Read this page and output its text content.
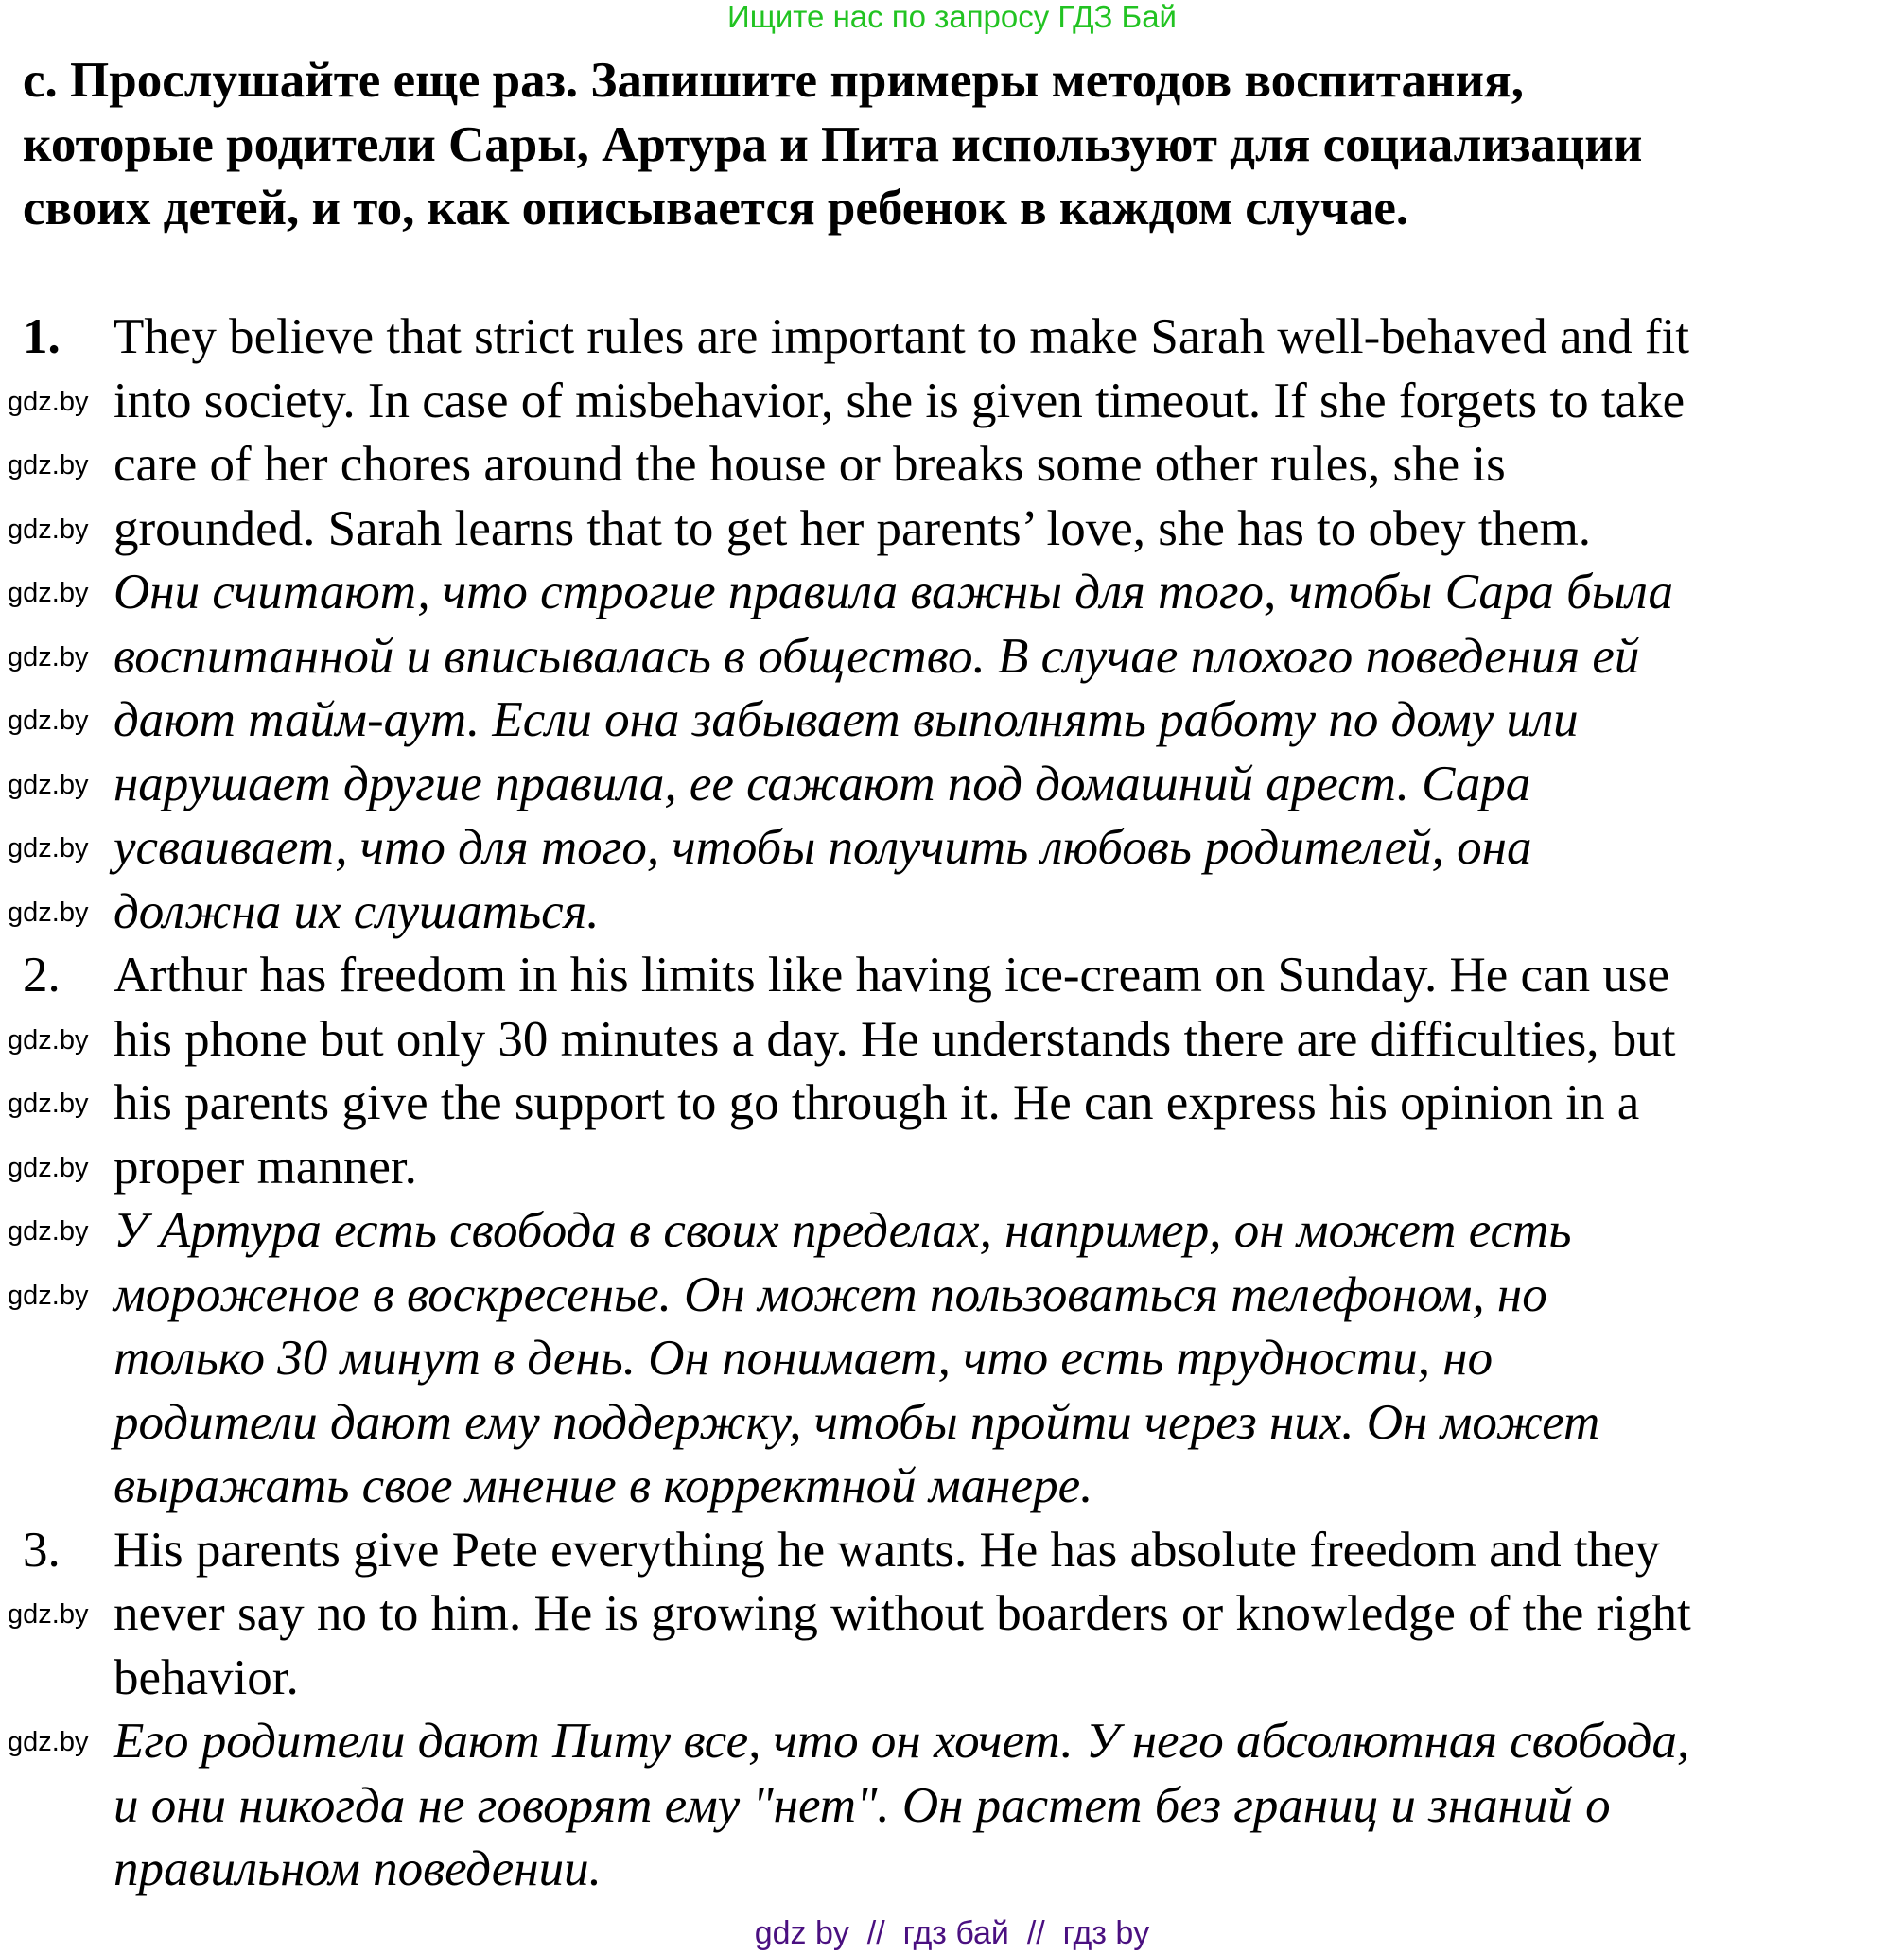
Ищите нас по запросу ГДЗ Бай
с. Прослушайте еще раз. Запишите примеры методов воспитания,
которые родители Сары, Артура и Пита используют для социализации
своих детей, и то, как описывается ребенок в каждом случае.
1. They believe that strict rules are important to make Sarah well-behaved and fit
into society. In case of misbehavior, she is given timeout. If she forgets to take
care of her chores around the house or breaks some other rules, she is
grounded. Sarah learns that to get her parents’ love, she has to obey them.
Они считают, что строгие правила важны для того, чтобы Сара была
воспитанной и вписывалась в общество. В случае плохого поведения ей
дают тайм-аут. Если она забывает выполнять работу по дому или
нарушает другие правила, ее сажают под домашний арест. Сара
усваивает, что для того, чтобы получить любовь родителей, она
должна их слушаться.
2. Arthur has freedom in his limits like having ice-cream on Sunday. He can use
his phone but only 30 minutes a day. He understands there are difficulties, but
his parents give the support to go through it. He can express his opinion in a
proper manner.
У Артура есть свобода в своих пределах, например, он может есть
мороженое в воскресенье. Он может пользоваться телефоном, но
только 30 минут в день. Он понимает, что есть трудности, но
родители дают ему поддержку, чтобы пройти через них. Он может
выражать свое мнение в корректной манере.
3. His parents give Pete everything he wants. He has absolute freedom and they
never say no to him. He is growing without boarders or knowledge of the right
behavior.
Его родители дают Питу все, что он хочет. У него абсолютная свобода,
и они никогда не говорят ему "нет". Он растет без границ и знаний о
правильном поведении.
gdz.by
gdz.by
gdz.by
gdz.by
gdz.by
gdz.by
gdz.by
gdz.by
gdz.by
gdz.by
gdz.by
gdz.by
gdz.by
gdz.by
gdz.by
gdz.by
gdz by  //  гдз бай  //  гдз by
